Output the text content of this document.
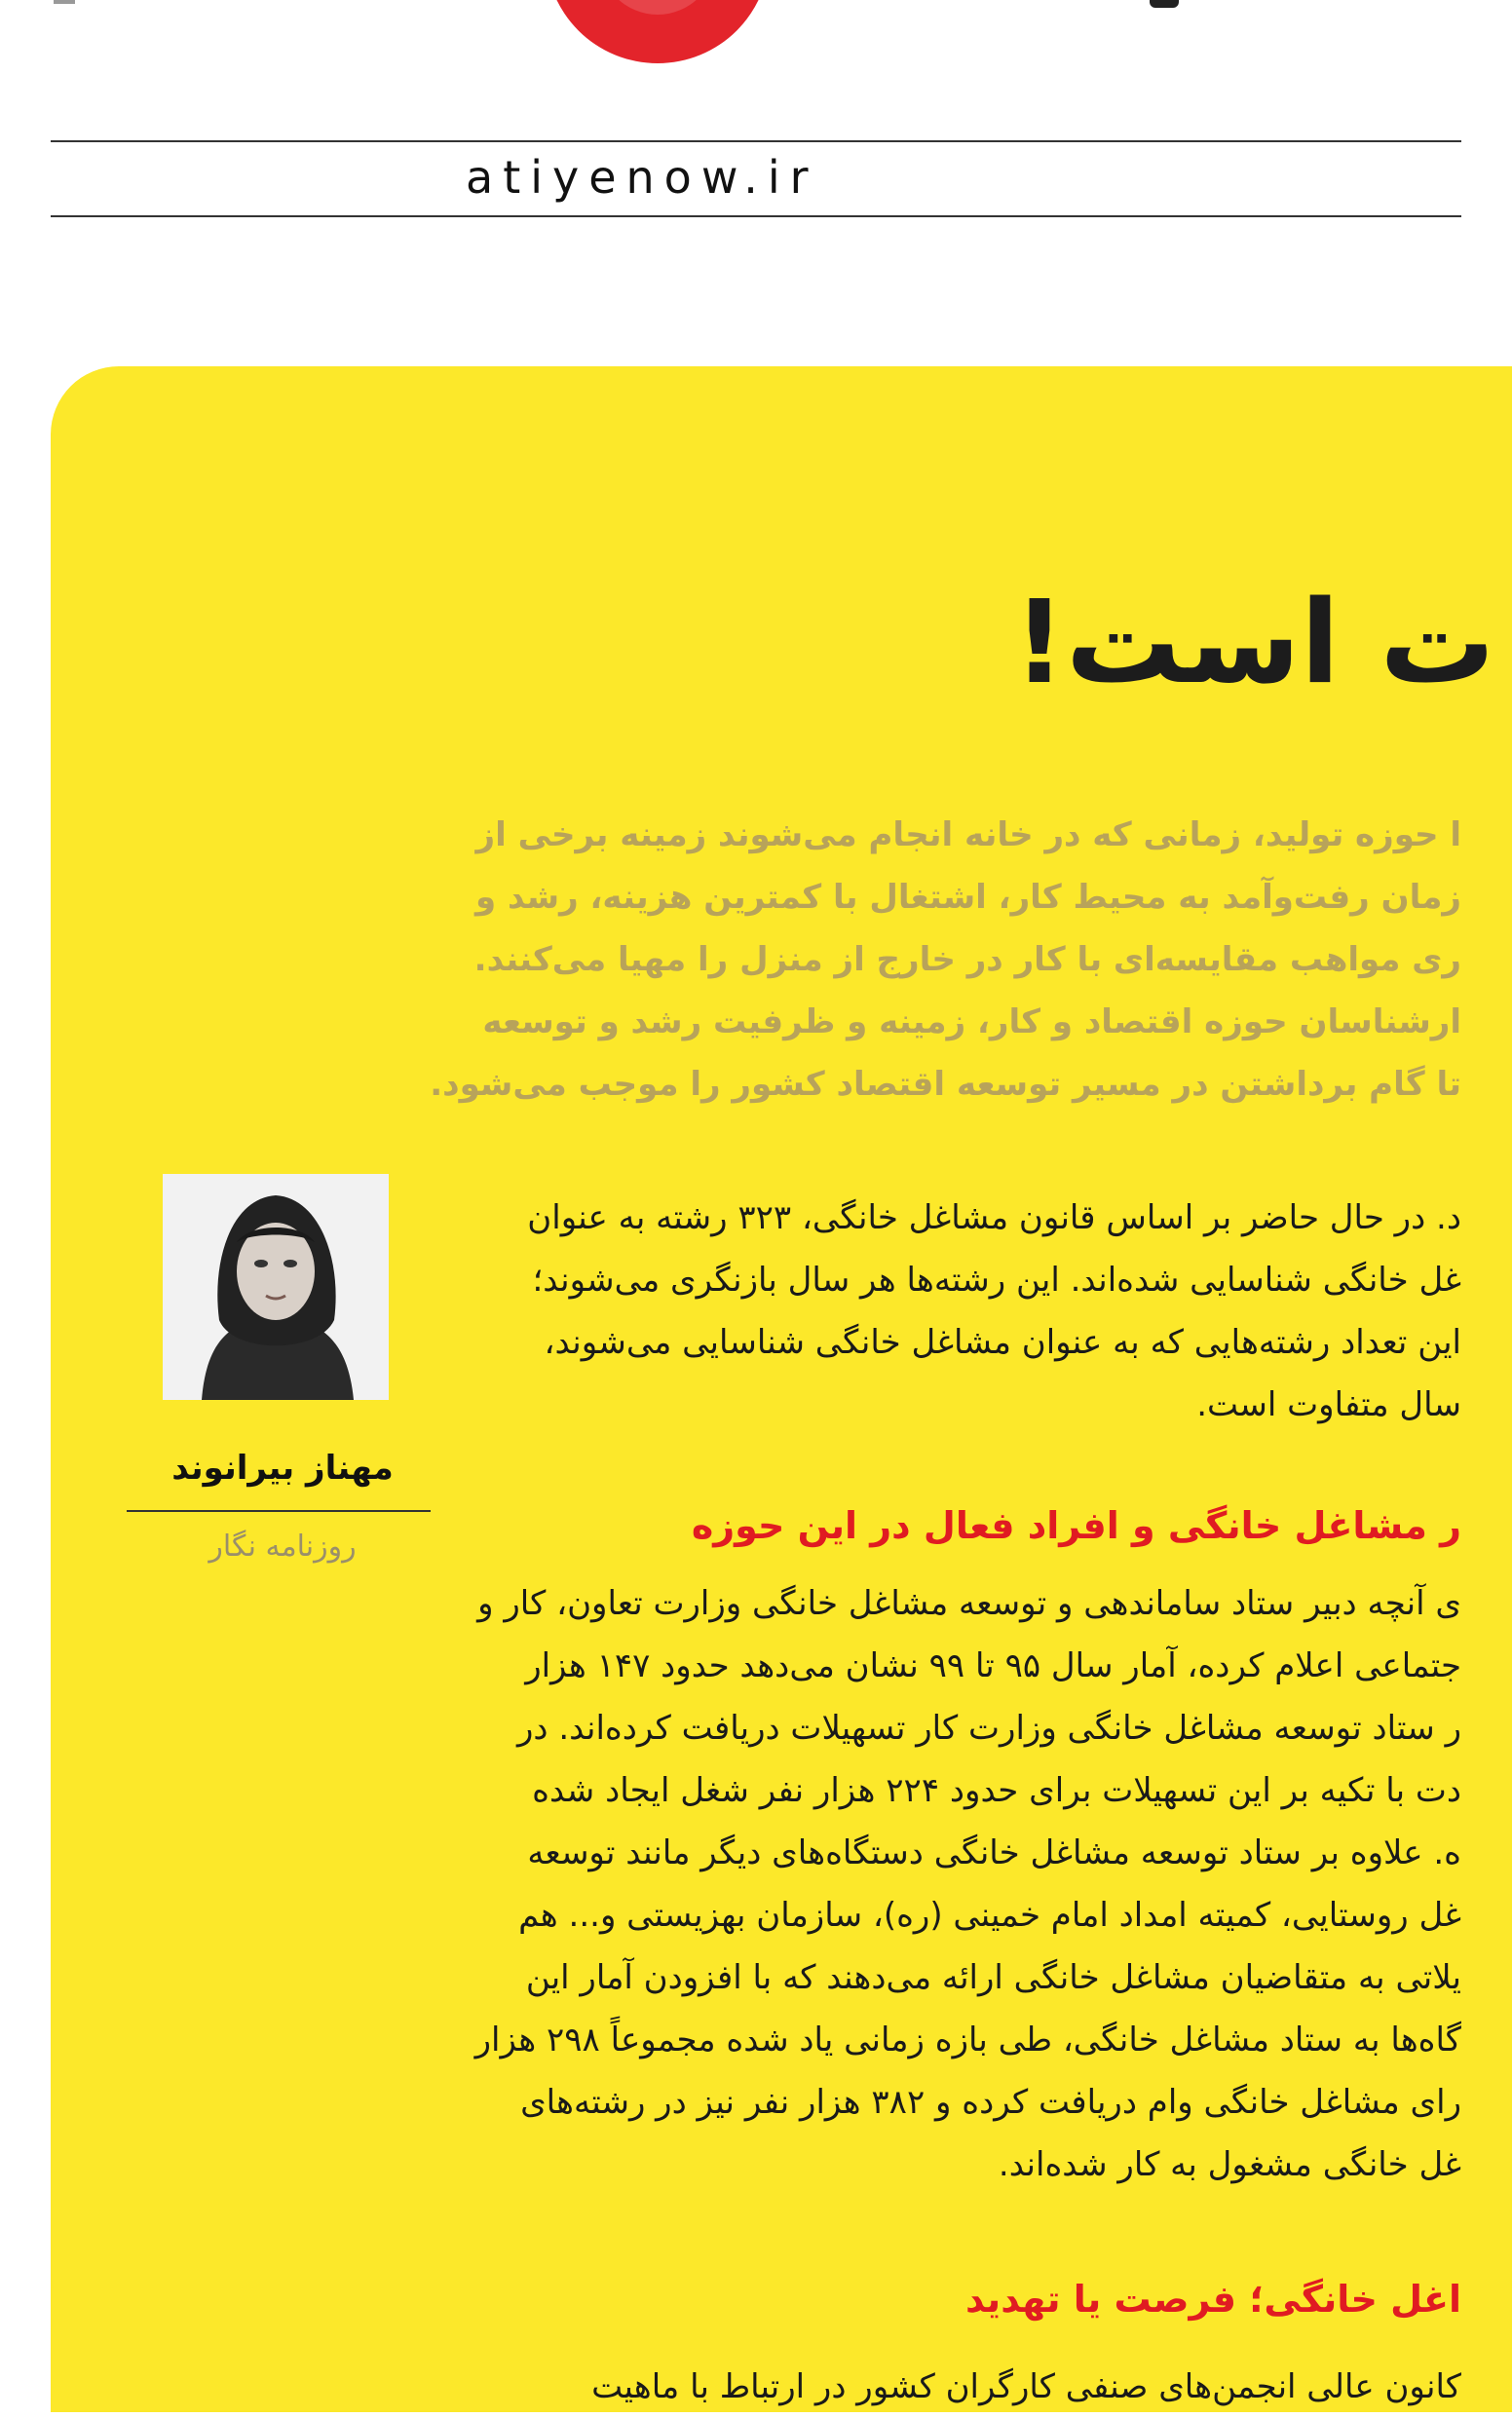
atiyenow.ir
ت است!

ا حوزه تولید، زمانی که در خانه انجام می‌شوند زمینه برخی از

زمان رفت‌وآمد به محیط کار، اشتغال با کمترین هزینه، رشد و

ری مواهب مقایسه‌ای با کار در خارج از منزل را مهیا می‌کنند.

ارشناسان حوزه اقتصاد و کار، زمینه و ظرفیت رشد و توسعه

تا گام برداشتن در مسیر توسعه اقتصاد کشور را موجب می‌شود.

د. در حال حاضر بر اساس قانون مشاغل خانگی، ۳۲۳ رشته به عنوان

غل خانگی شناسایی شده‌اند. این رشته‌ها هر سال بازنگری می‌شوند؛

این تعداد رشته‌هایی که به عنوان مشاغل خانگی شناسایی می‌شوند،

سال متفاوت است.

ر مشاغل خانگی و افراد فعال در این حوزه

ی آنچه دبیر ستاد ساماندهی و توسعه مشاغل خانگی وزارت تعاون، کار و

جتماعی اعلام کرده، آمار سال ۹۵ تا ۹۹ نشان می‌دهد حدود ۱۴۷ هزار

ر ستاد توسعه مشاغل خانگی وزارت کار تسهیلات دریافت کرده‌اند. در

دت با تکیه بر این تسهیلات برای حدود ۲۲۴ هزار نفر شغل ایجاد شده

ه. علاوه بر ستاد توسعه مشاغل خانگی دستگاه‌های دیگر مانند توسعه

غل روستایی، کمیته امداد امام خمینی (ره)، سازمان بهزیستی و... هم

یلاتی به متقاضیان مشاغل خانگی ارائه می‌دهند که با افزودن آمار این

گاه‌ها به ستاد مشاغل خانگی، طی بازه زمانی یاد شده مجموعاً ۲۹۸ هزار

رای مشاغل خانگی وام دریافت کرده و ۳۸۲ هزار نفر نیز در رشته‌های

غل خانگی مشغول به کار شده‌اند.

اغل خانگی؛ فرصت یا تهدید

کانون عالی انجمن‌های صنفی کارگران کشور در ارتباط با ماهیت

مهناز بیرانوند
روزنامه نگار
